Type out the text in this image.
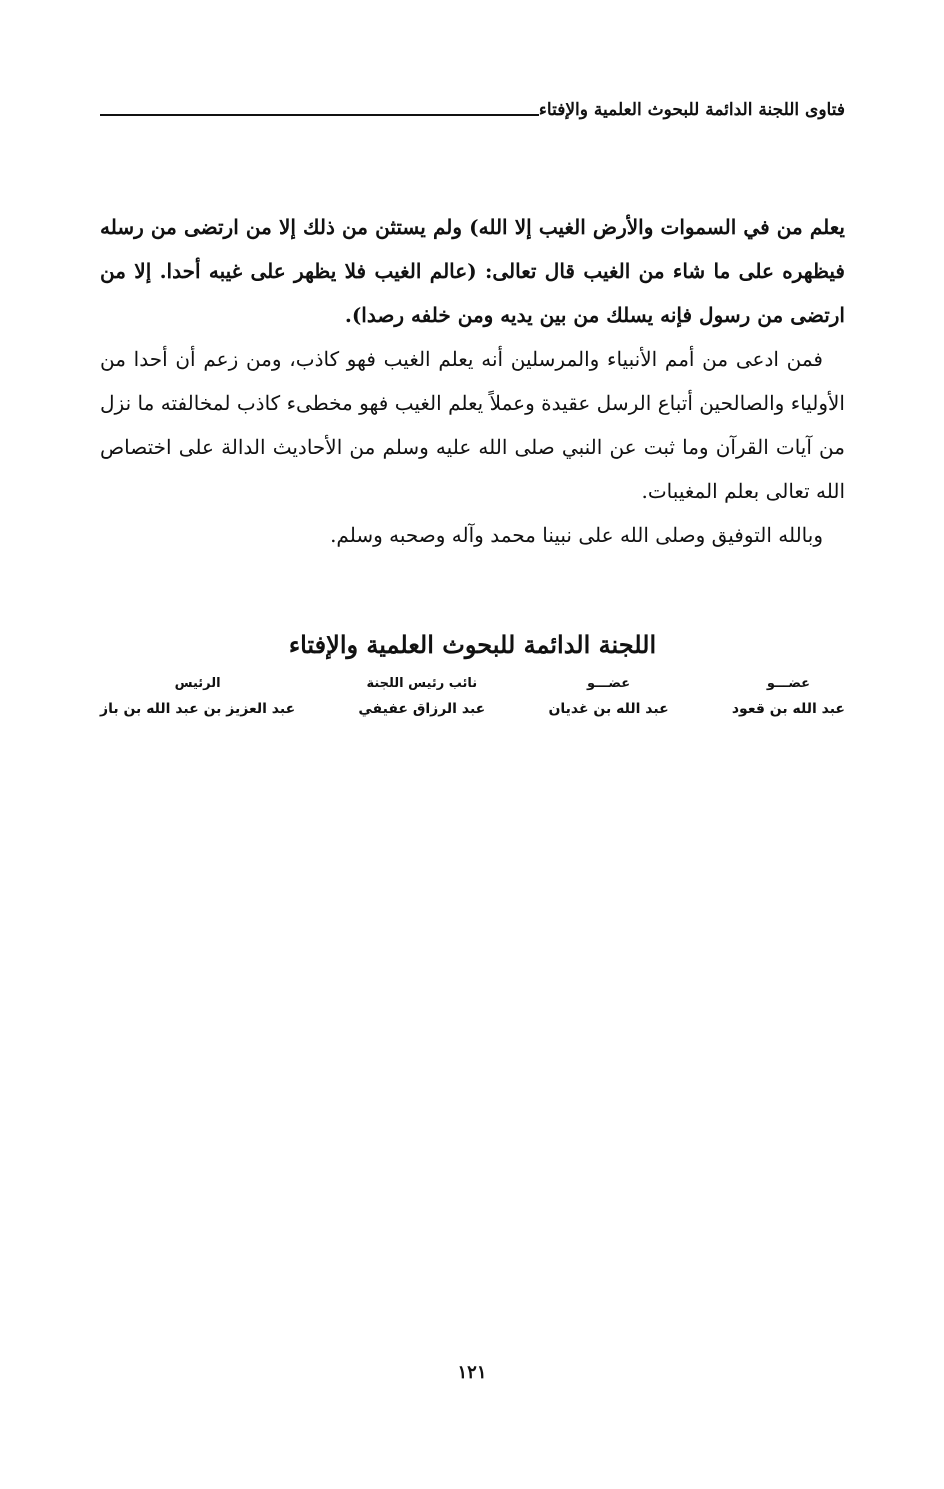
فتاوى اللجنة الدائمة للبحوث العلمية والإفتاء
يعلم من في السموات والأرض الغيب إلا الله) ولم يستثن من ذلك إلا من ارتضى من رسله فيظهره على ما شاء من الغيب قال تعالى: (عالم الغيب فلا يظهر على غيبه أحدا. إلا من ارتضى من رسول فإنه يسلك من بين يديه ومن خلفه رصدا).
فمن ادعى من أمم الأنبياء والمرسلين أنه يعلم الغيب فهو كاذب، ومن زعم أن أحدا من الأولياء والصالحين أتباع الرسل عقيدة وعملاً يعلم الغيب فهو مخطىء كاذب لمخالفته ما نزل من آيات القرآن وما ثبت عن النبي صلى الله عليه وسلم من الأحاديث الدالة على اختصاص الله تعالى بعلم المغيبات.
وبالله التوفيق وصلى الله على نبينا محمد وآله وصحبه وسلم.
اللجنة الدائمة للبحوث العلمية والإفتاء
عضـــو
عبد الله بن قعود
عضـــو
عبد الله بن غديان
نائب رئيس اللجنة
عبد الرزاق عفيفي
الرئيس
عبد العزيز بن عبد الله بن باز
١٢١
